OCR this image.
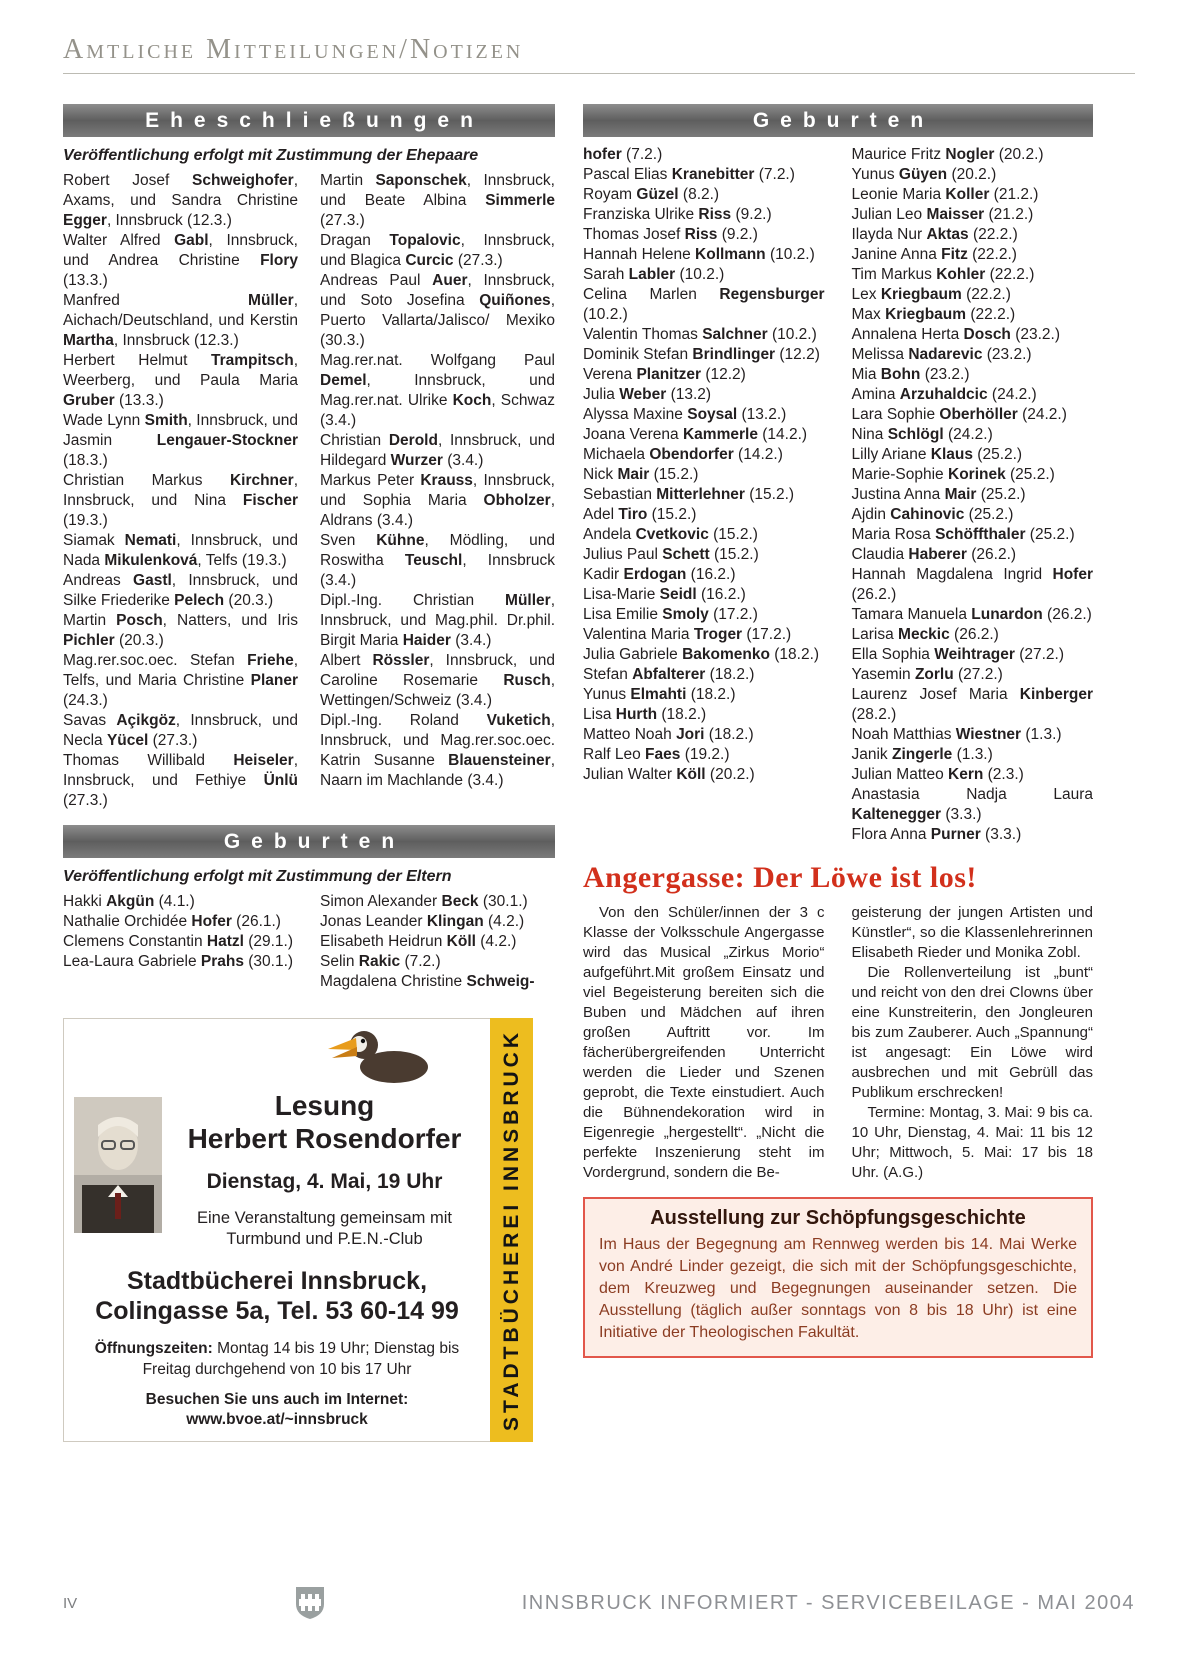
Amtliche Mitteilungen/Notizen
Eheschließungen

Veröffentlichung erfolgt mit Zustimmung der Ehepaare

Robert Josef Schweighofer, Axams, und Sandra Christine Egger, Innsbruck (12.3.)

Walter Alfred Gabl, Innsbruck, und Andrea Christine Flory (13.3.)

Manfred Müller, Aichach/Deutschland, und Kerstin Martha, Innsbruck (12.3.)

Herbert Helmut Trampitsch, Weerberg, und Paula Maria Gruber (13.3.)

Wade Lynn Smith, Innsbruck, und Jasmin Lengauer-Stockner (18.3.)

Christian Markus Kirchner, Innsbruck, und Nina Fischer (19.3.)

Siamak Nemati, Innsbruck, und Nada Mikulenková, Telfs (19.3.)

Andreas Gastl, Innsbruck, und Silke Friederike Pelech (20.3.)

Martin Posch, Natters, und Iris Pichler (20.3.)

Mag.rer.soc.oec. Stefan Friehe, Telfs, und Maria Christine Planer (24.3.)

Savas Açikgöz, Innsbruck, und Necla Yücel (27.3.)

Thomas Willibald Heiseler, Innsbruck, und Fethiye Ünlü (27.3.)

Martin Saponschek, Innsbruck, und Beate Albina Simmerle (27.3.)

Dragan Topalovic, Innsbruck, und Blagica Curcic (27.3.)

Andreas Paul Auer, Innsbruck, und Soto Josefina Quiñones, Puerto Vallarta/Jalisco/ Mexiko (30.3.)

Mag.rer.nat. Wolfgang Paul Demel, Innsbruck, und Mag.rer.nat. Ulrike Koch, Schwaz (3.4.)

Christian Derold, Innsbruck, und Hildegard Wurzer (3.4.)

Markus Peter Krauss, Innsbruck, und Sophia Maria Obholzer, Aldrans (3.4.)

Sven Kühne, Mödling, und Roswitha Teuschl, Innsbruck (3.4.)

Dipl.-Ing. Christian Müller, Innsbruck, und Mag.phil. Dr.phil. Birgit Maria Haider (3.4.)

Albert Rössler, Innsbruck, und Caroline Rosemarie Rusch, Wettingen/Schweiz (3.4.)

Dipl.-Ing. Roland Vuketich, Innsbruck, und Mag.rer.soc.oec. Katrin Susanne Blauensteiner, Naarn im Machlande (3.4.)

Geburten

Veröffentlichung erfolgt mit Zustimmung der Eltern

Hakki Akgün (4.1.)

Nathalie Orchidée Hofer (26.1.)

Clemens Constantin Hatzl (29.1.)

Lea-Laura Gabriele Prahs (30.1.)

Simon Alexander Beck (30.1.)

Jonas Leander Klingan (4.2.)

Elisabeth Heidrun Köll (4.2.)

Selin Rakic (7.2.)

Magdalena Christine Schweig-

Lesung
Herbert Rosendorfer
Dienstag, 4. Mai, 19 Uhr
Eine Veranstaltung gemeinsam mit
Turmbund und P.E.N.-Club
Stadtbücherei Innsbruck,
Colingasse 5a, Tel. 53 60-14 99
Öffnungszeiten: Montag 14 bis 19 Uhr; Dienstag bis Freitag durchgehend von 10 bis 17 Uhr
Besuchen Sie uns auch im Internet:
www.bvoe.at/~innsbruck	STADTBÜCHEREI INNSBRUCK
Geburten

hofer (7.2.)

Pascal Elias Kranebitter (7.2.)

Royam Güzel (8.2.)

Franziska Ulrike Riss (9.2.)

Thomas Josef Riss (9.2.)

Hannah Helene Kollmann (10.2.)

Sarah Labler (10.2.)

Celina Marlen Regensburger (10.2.)

Valentin Thomas Salchner (10.2.)

Dominik Stefan Brindlinger (12.2)

Verena Planitzer (12.2)

Julia Weber (13.2)

Alyssa Maxine Soysal (13.2.)

Joana Verena Kammerle (14.2.)

Michaela Obendorfer (14.2.)

Nick Mair (15.2.)

Sebastian Mitterlehner (15.2.)

Adel Tiro (15.2.)

Andela Cvetkovic (15.2.)

Julius Paul Schett (15.2.)

Kadir Erdogan (16.2.)

Lisa-Marie Seidl (16.2.)

Lisa Emilie Smoly (17.2.)

Valentina Maria Troger (17.2.)

Julia Gabriele Bakomenko (18.2.)

Stefan Abfalterer (18.2.)

Yunus Elmahti (18.2.)

Lisa Hurth (18.2.)

Matteo Noah Jori (18.2.)

Ralf Leo Faes (19.2.)

Julian Walter Köll (20.2.)

Maurice Fritz Nogler (20.2.)

Yunus Güyen (20.2.)

Leonie Maria Koller (21.2.)

Julian Leo Maisser (21.2.)

Ilayda Nur Aktas (22.2.)

Janine Anna Fitz (22.2.)

Tim Markus Kohler (22.2.)

Lex Kriegbaum (22.2.)

Max Kriegbaum (22.2.)

Annalena Herta Dosch (23.2.)

Melissa Nadarevic (23.2.)

Mia Bohn (23.2.)

Amina Arzuhaldcic (24.2.)

Lara Sophie Oberhöller (24.2.)

Nina Schlögl (24.2.)

Lilly Ariane Klaus (25.2.)

Marie-Sophie Korinek (25.2.)

Justina Anna Mair (25.2.)

Ajdin Cahinovic (25.2.)

Maria Rosa Schöffthaler (25.2.)

Claudia Haberer (26.2.)

Hannah Magdalena Ingrid Hofer (26.2.)

Tamara Manuela Lunardon (26.2.)

Larisa Meckic (26.2.)

Ella Sophia Weihtrager (27.2.)

Yasemin Zorlu (27.2.)

Laurenz Josef Maria Kinberger (28.2.)

Noah Matthias Wiestner (1.3.)

Janik Zingerle (1.3.)

Julian Matteo Kern (2.3.)

Anastasia Nadja Laura Kaltenegger (3.3.)

Flora Anna Purner (3.3.)

Angergasse: Der Löwe ist los!

Von den Schüler/innen der 3 c Klasse der Volksschule Angergasse wird das Musical „Zirkus Morio“ aufgeführt.Mit großem Einsatz und viel Begeisterung bereiten sich die Buben und Mädchen auf ihren großen Auftritt vor. Im fächerübergreifenden Unterricht werden die Lieder und Szenen geprobt, die Texte einstudiert. Auch die Bühnendekoration wird in Eigenregie „hergestellt“. „Nicht die perfekte Inszenierung steht im Vordergrund, sondern die Be-

geisterung der jungen Artisten und Künstler“, so die Klassenlehrerinnen Elisabeth Rieder und Monika Zobl.

Die Rollenverteilung ist „bunt“ und reicht von den drei Clowns über eine Kunstreiterin, den Jongleuren bis zum Zauberer. Auch „Spannung“ ist angesagt: Ein Löwe wird ausbrechen und mit Gebrüll das Publikum erschrecken!

Termine: Montag, 3. Mai: 9 bis ca. 10 Uhr, Dienstag, 4. Mai: 11 bis 12 Uhr; Mittwoch, 5. Mai: 17 bis 18 Uhr. (A.G.)

Ausstellung zur Schöpfungsgeschichte

Im Haus der Begegnung am Rennweg werden bis 14. Mai Werke von André Linder gezeigt, die sich mit der Schöpfungsgeschichte, dem Kreuzweg und Begegnungen auseinander setzen. Die Ausstellung (täglich außer sonntags von 8 bis 18 Uhr) ist eine Initiative der Theologischen Fakultät.

IV	INNSBRUCK INFORMIERT - SERVICEBEILAGE - MAI 2004
